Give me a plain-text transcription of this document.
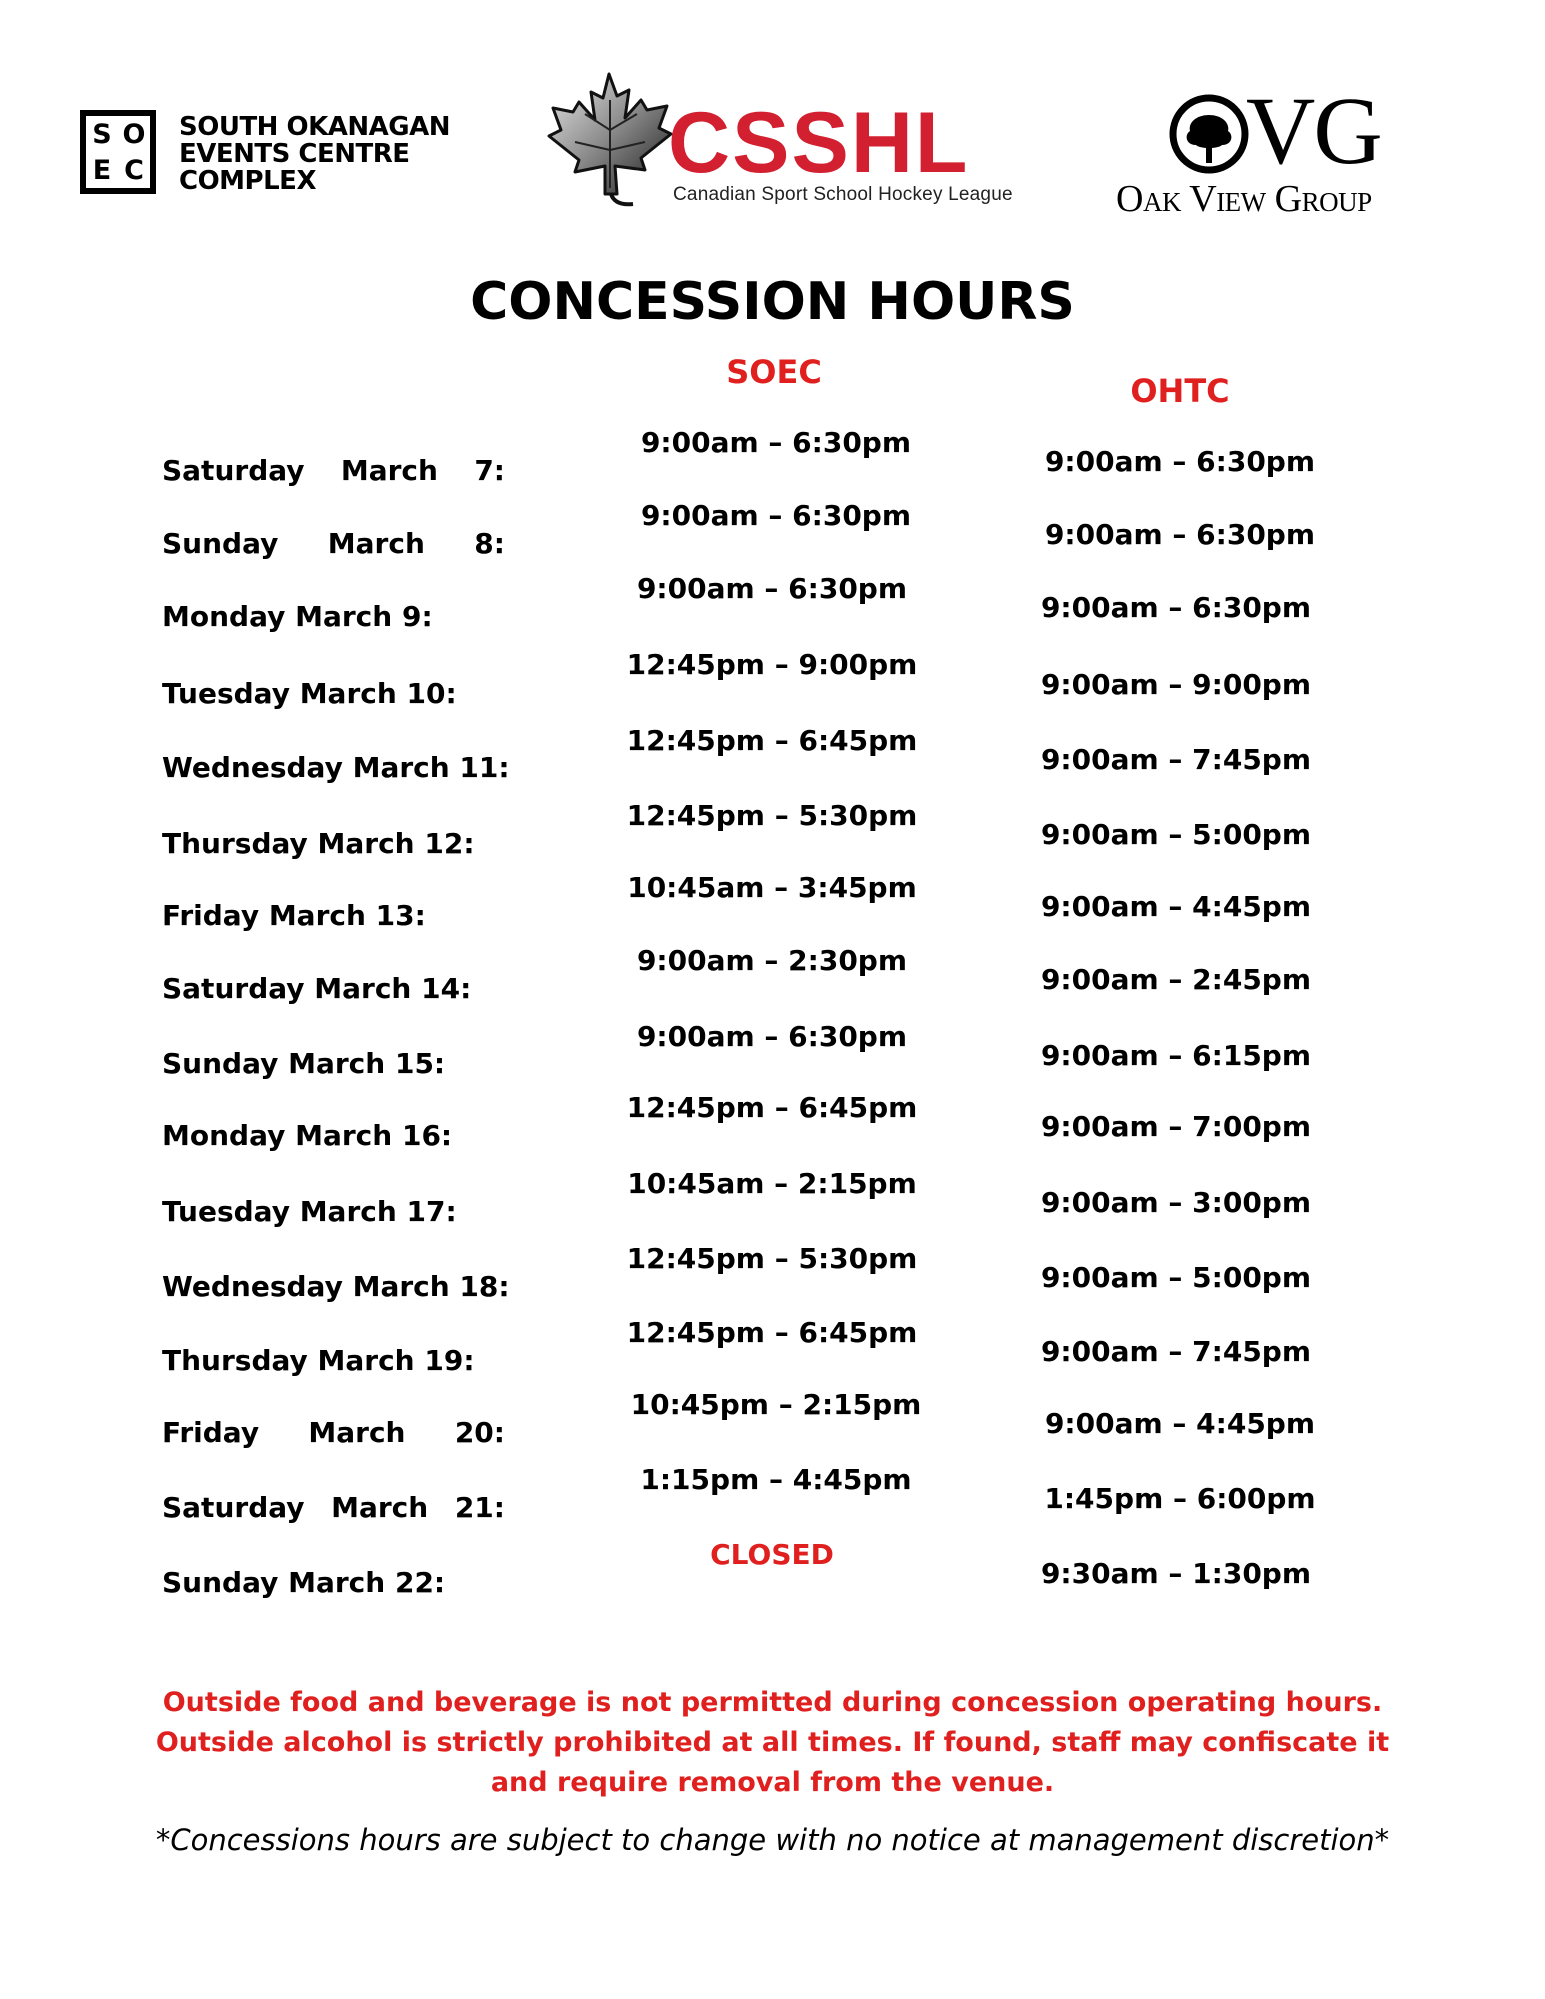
S O
E C
SOUTH OKANAGAN
EVENTS CENTRE
COMPLEX	CSSHL
Canadian Sport School Hockey League
VG
Oak View Group
CONCESSION HOURS
SOEC	OHTC
Saturday March 7:
9:00am – 6:30pm
9:00am – 6:30pm
Sunday March 8:
9:00am – 6:30pm
9:00am – 6:30pm
Monday March 9:
9:00am – 6:30pm
9:00am – 6:30pm
Tuesday March 10:
12:45pm – 9:00pm
9:00am – 9:00pm
Wednesday March 11:
12:45pm – 6:45pm
9:00am – 7:45pm
Thursday March 12:
12:45pm – 5:30pm
9:00am – 5:00pm
Friday March 13:
10:45am – 3:45pm
9:00am – 4:45pm
Saturday March 14:
9:00am – 2:30pm
9:00am – 2:45pm
Sunday March 15:
9:00am – 6:30pm
9:00am – 6:15pm
Monday March 16:
12:45pm – 6:45pm
9:00am – 7:00pm
Tuesday March 17:
10:45am – 2:15pm
9:00am – 3:00pm
Wednesday March 18:
12:45pm – 5:30pm
9:00am – 5:00pm
Thursday March 19:
12:45pm – 6:45pm
9:00am – 7:45pm
Friday March 20:
10:45pm – 2:15pm
9:00am – 4:45pm
Saturday March 21:
1:15pm – 4:45pm
1:45pm – 6:00pm
Sunday March 22:
CLOSED
9:30am – 1:30pm
Outside food and beverage is not permitted during concession operating hours.
Outside alcohol is strictly prohibited at all times. If found, staff may confiscate it
and require removal from the venue.
*Concessions hours are subject to change with no notice at management discretion*
